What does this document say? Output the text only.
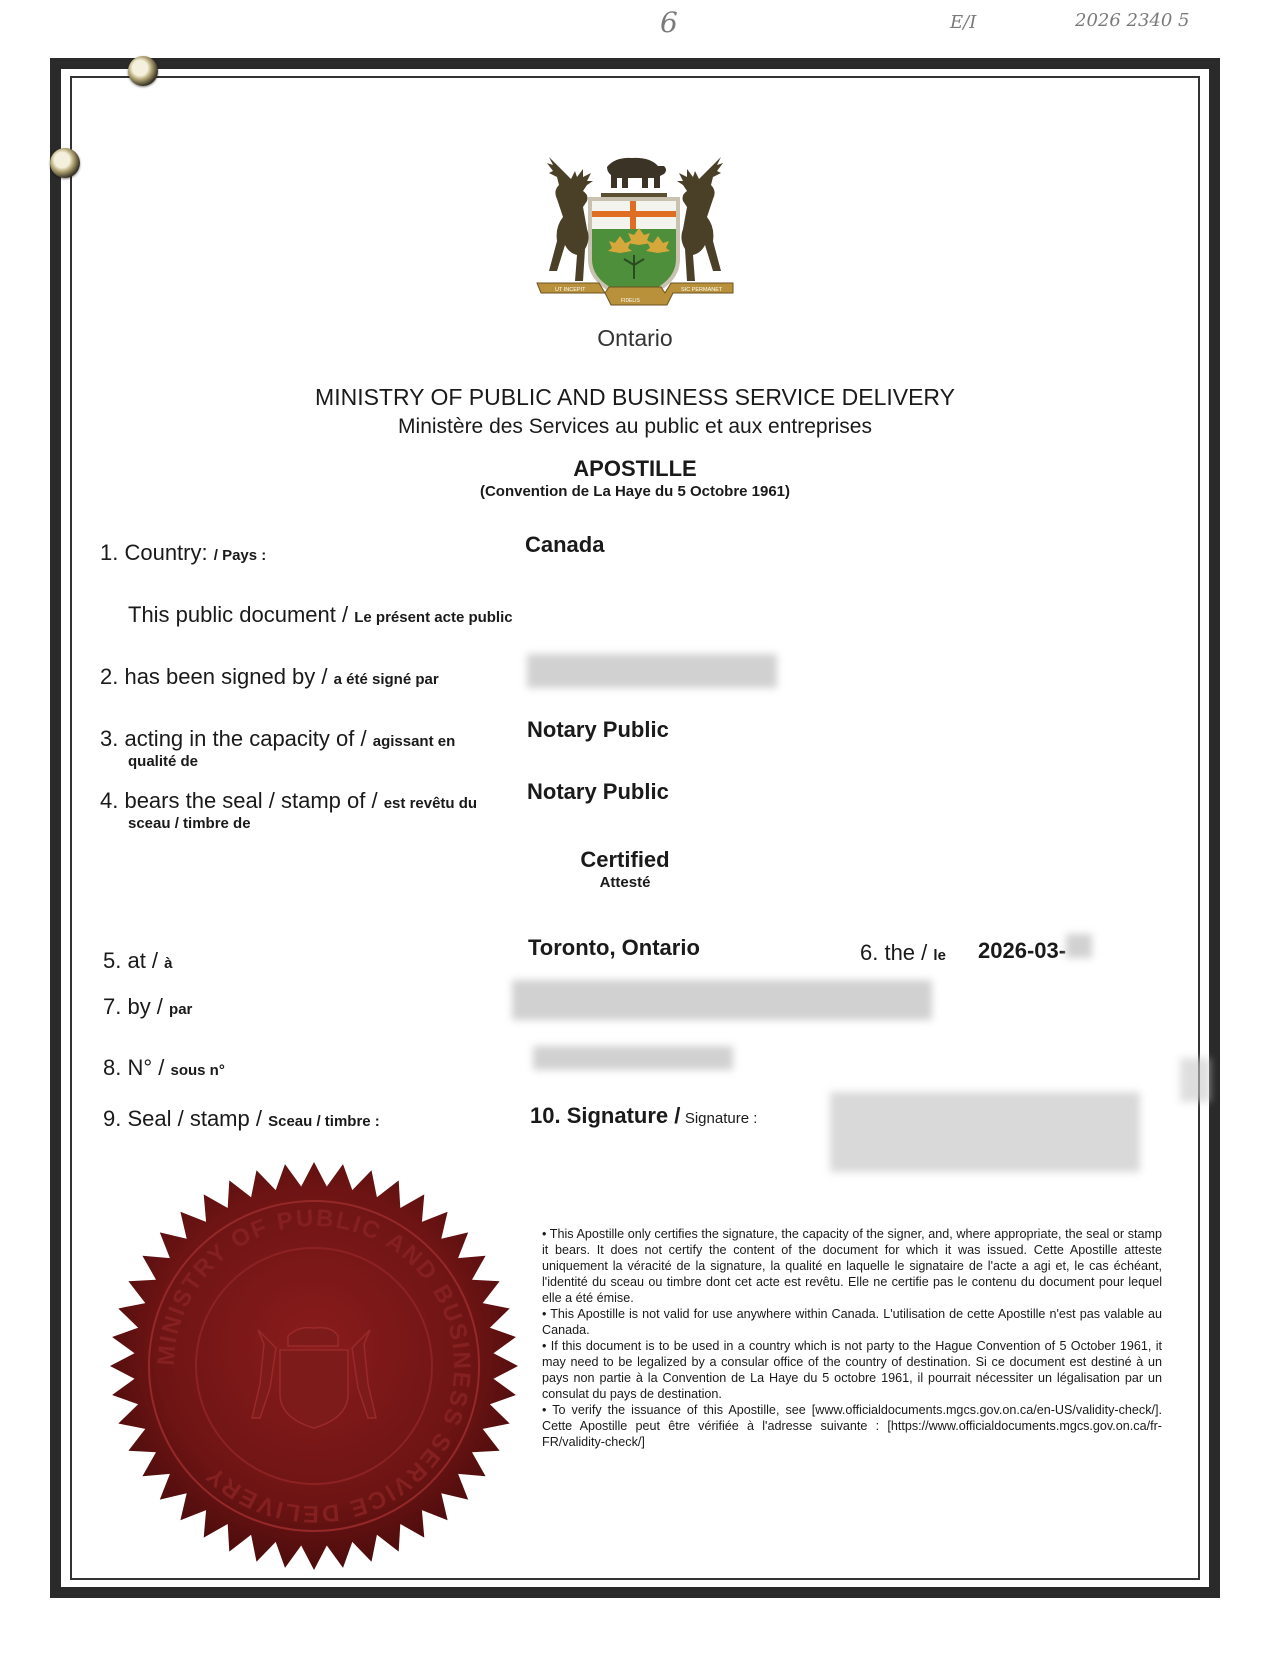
6	E/I	2026 2340 5
UT INCEPIT
FIDELIS
SIC PERMANET
Ontario
MINISTRY OF PUBLIC AND BUSINESS SERVICE DELIVERY
Ministère des Services au public et aux entreprises
APOSTILLE
(Convention de La Haye du 5 Octobre 1961)
1. Country: / Pays :	Canada
This public document / Le présent acte public
2. has been signed by / a été signé par
3. acting in the capacity of / agissant en
qualité de
Notary Public
4. bears the seal / stamp of / est revêtu du
sceau / timbre de
Notary Public
Certified
Attesté
5. at / à
Toronto, Ontario	6. the / le 2026-03-
7. by / par
8. N° / sous n°
9. Seal / stamp / Sceau / timbre :	10. Signature / Signature :
MINISTRY OF PUBLIC AND BUSINESS SERVICE DELIVERY

• This Apostille only certifies the signature, the capacity of the signer, and, where appropriate, the seal or stamp it bears. It does not certify the content of the document for which it was issued. Cette Apostille atteste uniquement la véracité de la signature, la qualité en laquelle le signataire de l'acte a agi et, le cas échéant, l'identité du sceau ou timbre dont cet acte est revêtu. Elle ne certifie pas le contenu du document pour lequel elle a été émise.

• This Apostille is not valid for use anywhere within Canada. L'utilisation de cette Apostille n'est pas valable au Canada.

• If this document is to be used in a country which is not party to the Hague Convention of 5 October 1961, it may need to be legalized by a consular office of the country of destination. Si ce document est destiné à un pays non partie à la Convention de La Haye du 5 octobre 1961, il pourrait nécessiter un légalisation par un consulat du pays de destination.

• To verify the issuance of this Apostille, see [www.officialdocuments.mgcs.gov.on.ca/en-US/validity-check/]. Cette Apostille peut être vérifiée à l'adresse suivante : [https://www.officialdocuments.mgcs.gov.on.ca/fr-FR/validity-check/]
